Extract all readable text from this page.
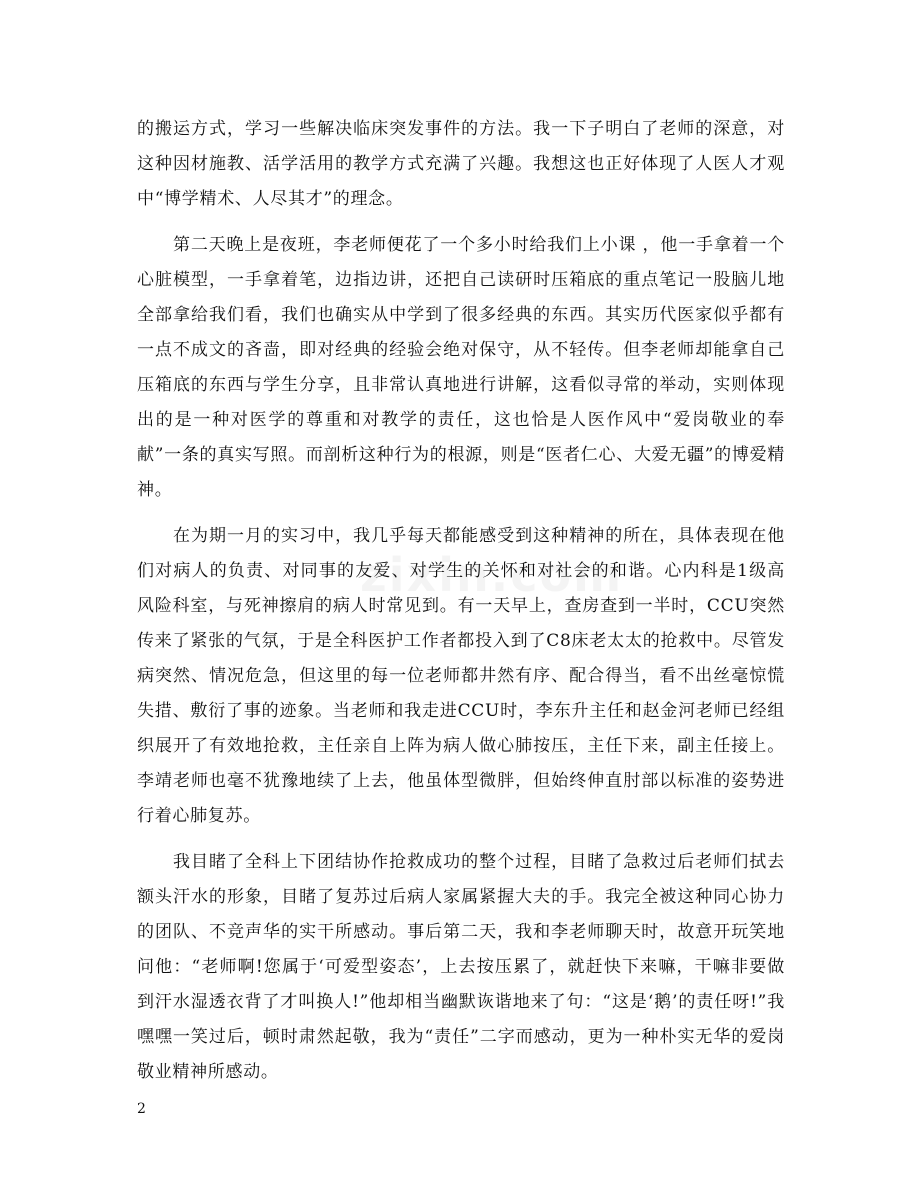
的搬运方式，学习一些解决临床突发事件的方法。我一下子明白了老师的深意，对这种因材施教、活学活用的教学方式充满了兴趣。我想这也正好体现了人医人才观中“博学精术、人尽其才”的理念。

第二天晚上是夜班，李老师便花了一个多小时给我们上小课 ，他一手拿着一个心脏模型，一手拿着笔，边指边讲，还把自己读研时压箱底的重点笔记一股脑儿地全部拿给我们看，我们也确实从中学到了很多经典的东西。其实历代医家似乎都有一点不成文的吝啬，即对经典的经验会绝对保守，从不轻传。但李老师却能拿自己压箱底的东西与学生分享，且非常认真地进行讲解，这看似寻常的举动，实则体现出的是一种对医学的尊重和对教学的责任，这也恰是人医作风中“爱岗敬业的奉献”一条的真实写照。而剖析这种行为的根源，则是“医者仁心、大爱无疆”的博爱精神。

在为期一月的实习中，我几乎每天都能感受到这种精神的所在，具体表现在他们对病人的负责、对同事的友爱、对学生的关怀和对社会的和谐。心内科是1级高风险科室，与死神擦肩的病人时常见到。有一天早上，查房查到一半时，CCU突然传来了紧张的气氛，于是全科医护工作者都投入到了C8床老太太的抢救中。尽管发病突然、情况危急，但这里的每一位老师都井然有序、配合得当，看不出丝毫惊慌失措、敷衍了事的迹象。当老师和我走进CCU时，李东升主任和赵金河老师已经组织展开了有效地抢救，主任亲自上阵为病人做心肺按压，主任下来，副主任接上。李靖老师也毫不犹豫地续了上去，他虽体型微胖，但始终伸直肘部以标准的姿势进行着心肺复苏。

我目睹了全科上下团结协作抢救成功的整个过程，目睹了急救过后老师们拭去额头汗水的形象，目睹了复苏过后病人家属紧握大夫的手。我完全被这种同心协力的团队、不竞声华的实干所感动。事后第二天，我和李老师聊天时，故意开玩笑地问他：“老师啊!您属于‘可爱型姿态’，上去按压累了，就赶快下来嘛，干嘛非要做到汗水湿透衣背了才叫换人!”他却相当幽默诙谐地来了句：“这是‘鹅’的责任呀!”我嘿嘿一笑过后，顿时肃然起敬，我为“责任”二字而感动，更为一种朴实无华的爱岗敬业精神所感动。

2
